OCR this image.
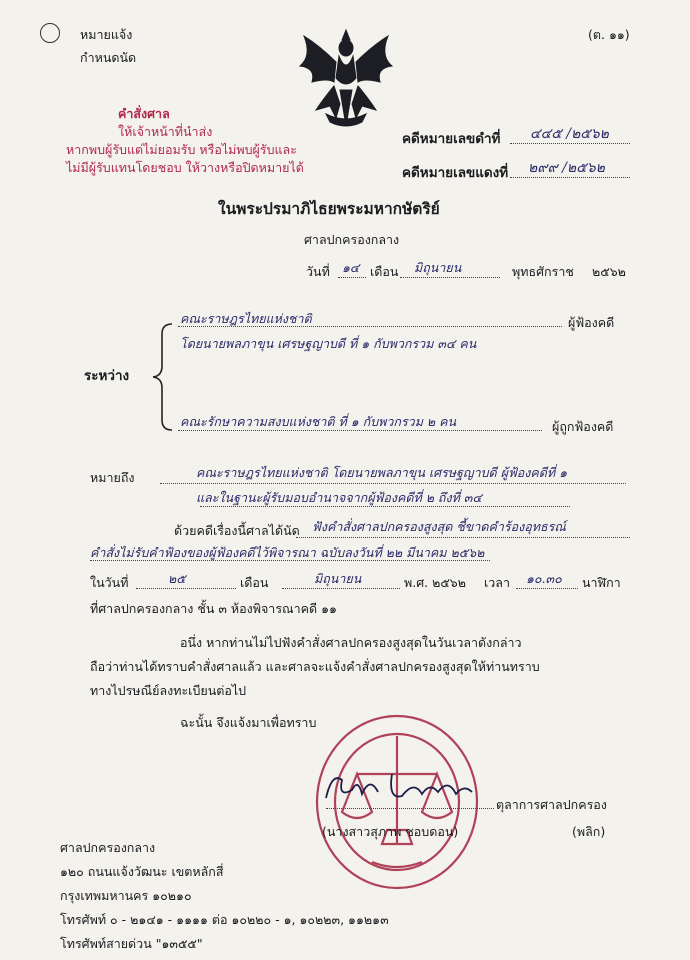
หมายแจ้ง
กำหนดนัด
(ต. ๑๑)
คำสั่งศาล
ให้เจ้าหน้าที่นำส่ง
หากพบผู้รับแต่ไม่ยอมรับ หรือไม่พบผู้รับและ
ไม่มีผู้รับแทนโดยชอบ ให้วางหรือปิดหมายได้
คดีหมายเลขดำที่ ๔๔๕ /๒๕๖๒
คดีหมายเลขแดงที่ ๒๙๙ /๒๕๖๒
ในพระปรมาภิไธยพระมหากษัตริย์
ศาลปกครองกลาง
วันที่ ๑๔ เดือน มิถุนายน	พุทธศักราช ๒๕๖๒
ระหว่าง
คณะราษฎรไทยแห่งชาติ	ผู้ฟ้องคดี
โดยนายพลภาขุน เศรษฐญาบดี ที่ ๑ กับพวกรวม ๓๔ คน
คณะรักษาความสงบแห่งชาติ ที่ ๑ กับพวกรวม ๒ คน	ผู้ถูกฟ้องคดี
หมายถึง	คณะราษฎรไทยแห่งชาติ โดยนายพลภาขุน เศรษฐญาบดี ผู้ฟ้องคดีที่ ๑
และในฐานะผู้รับมอบอำนาจจากผู้ฟ้องคดีที่ ๒ ถึงที่ ๓๔
ด้วยคดีเรื่องนี้ศาลได้นัด ฟังคำสั่งศาลปกครองสูงสุด ชี้ขาดคำร้องอุทธรณ์
คำสั่งไม่รับคำฟ้องของผู้ฟ้องคดีไว้พิจารณา ฉบับลงวันที่ ๒๒ มีนาคม ๒๕๖๒
ในวันที่	๒๕	เดือน	มิถุนายน	พ.ศ. ๒๕๖๒ เวลา ๑๐.๓๐ นาฬิกา
ที่ศาลปกครองกลาง ชั้น ๓ ห้องพิจารณาคดี ๑๑
อนึ่ง หากท่านไม่ไปฟังคำสั่งศาลปกครองสูงสุดในวันเวลาดังกล่าว
ถือว่าท่านได้ทราบคำสั่งศาลแล้ว และศาลจะแจ้งคำสั่งศาลปกครองสูงสุดให้ท่านทราบ
ทางไปรษณีย์ลงทะเบียนต่อไป
ฉะนั้น จึงแจ้งมาเพื่อทราบ
ตุลาการศาลปกครอง
(นางสาวสุภาพ ชอบดอน)	(พลิก)
ศาลปกครองกลาง
๑๒๐ ถนนแจ้งวัฒนะ เขตหลักสี่
กรุงเทพมหานคร ๑๐๒๑๐
โทรศัพท์ ๐ - ๒๑๔๑ - ๑๑๑๑ ต่อ ๑๐๒๒๐ - ๑, ๑๐๒๒๓, ๑๑๒๑๓
โทรศัพท์สายด่วน "๑๓๕๕"
